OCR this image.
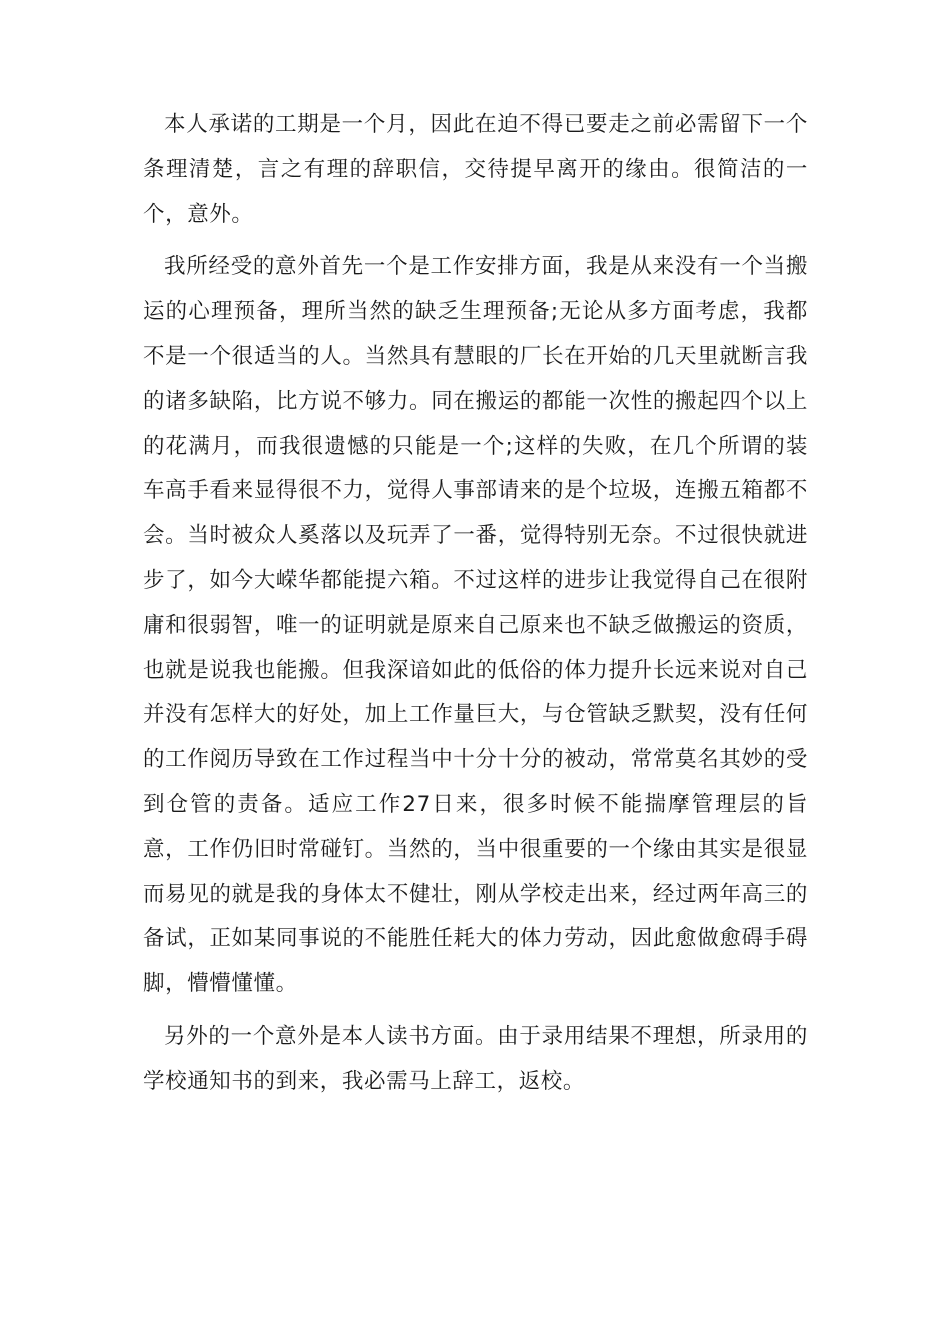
本人承诺的工期是一个月，因此在迫不得已要走之前必需留下一个条理清楚，言之有理的辞职信，交待提早离开的缘由。很简洁的一个，意外。

我所经受的意外首先一个是工作安排方面，我是从来没有一个当搬运的心理预备，理所当然的缺乏生理预备;无论从多方面考虑，我都不是一个很适当的人。当然具有慧眼的厂长在开始的几天里就断言我的诸多缺陷，比方说不够力。同在搬运的都能一次性的搬起四个以上的花满月，而我很遗憾的只能是一个;这样的失败，在几个所谓的装车高手看来显得很不力，觉得人事部请来的是个垃圾，连搬五箱都不会。当时被众人奚落以及玩弄了一番，觉得特别无奈。不过很快就进步了，如今大嵘华都能提六箱。不过这样的进步让我觉得自己在很附庸和很弱智，唯一的证明就是原来自己原来也不缺乏做搬运的资质，也就是说我也能搬。但我深谙如此的低俗的体力提升长远来说对自己并没有怎样大的好处，加上工作量巨大，与仓管缺乏默契，没有任何的工作阅历导致在工作过程当中十分十分的被动，常常莫名其妙的受到仓管的责备。适应工作27日来，很多时候不能揣摩管理层的旨意，工作仍旧时常碰钉。当然的，当中很重要的一个缘由其实是很显而易见的就是我的身体太不健壮，刚从学校走出来，经过两年高三的备试，正如某同事说的不能胜任耗大的体力劳动，因此愈做愈碍手碍脚，懵懵懂懂。

另外的一个意外是本人读书方面。由于录用结果不理想，所录用的学校通知书的到来，我必需马上辞工，返校。
